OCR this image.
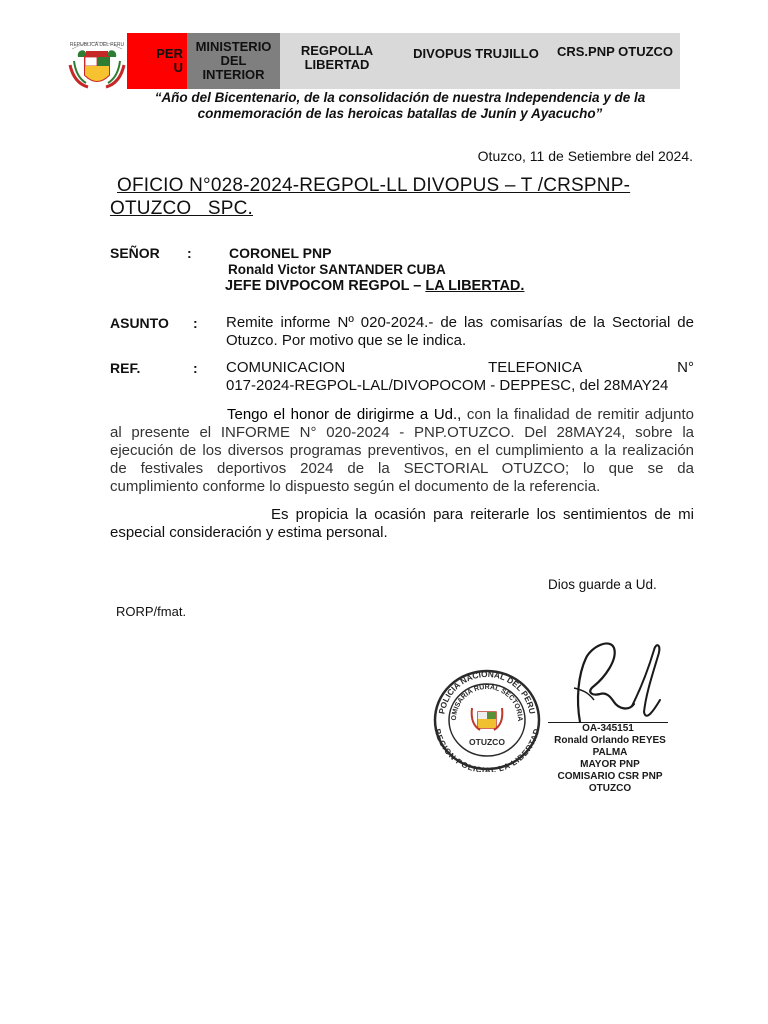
REPUBLICA DEL PERU
PERU
MINISTERIO DEL INTERIOR
REGPOLLA LIBERTAD
DIVOPUS TRUJILLO CRS.PNP OTUZCO
“Año del Bicentenario, de la consolidación de nuestra Independencia y de la
conmemoración de las heroicas batallas de Junín y Ayacucho”
Otuzco, 11 de Setiembre del 2024.
OFICIO N°028-2024-REGPOL-LL DIVOPUS – T /CRSPNP-
OTUZCO   SPC.
SEÑOR :	CORONEL PNP
Ronald Victor SANTANDER CUBA
JEFE DIVPOCOM REGPOL – LA LIBERTAD.
ASUNTO : Remite informe Nº 020-2024.- de las comisarías de la Sectorial de
Otuzco. Por motivo que se le indica.
REF.	: COMUNICACION	TELEFONICA	N°
017-2024-REGPOL-LAL/DIVOPOCOM - DEPPESC, del 28MAY24
Tengo el honor de dirigirme a Ud., con la finalidad de remitir adjunto
al presente el INFORME N° 020-2024 - PNP.OTUZCO. Del 28MAY24, sobre la
ejecución de los diversos programas preventivos, en el cumplimiento a la realización
de festivales deportivos 2024 de la SECTORIAL OTUZCO; lo que se da
cumplimiento conforme lo dispuesto según el documento de la referencia.
Es propicia la ocasión para reiterarle los sentimientos de mi
especial consideración y estima personal.
Dios guarde a Ud.
RORP/fmat.
POLICIA NACIONAL DEL PERU
REGION POLICIAL LA LIBERTAD
OMISARIA RURAL SECTORIA
OTUZCO
OA-345151
Ronald Orlando REYES PALMA
MAYOR PNP
COMISARIO CSR PNP OTUZCO
